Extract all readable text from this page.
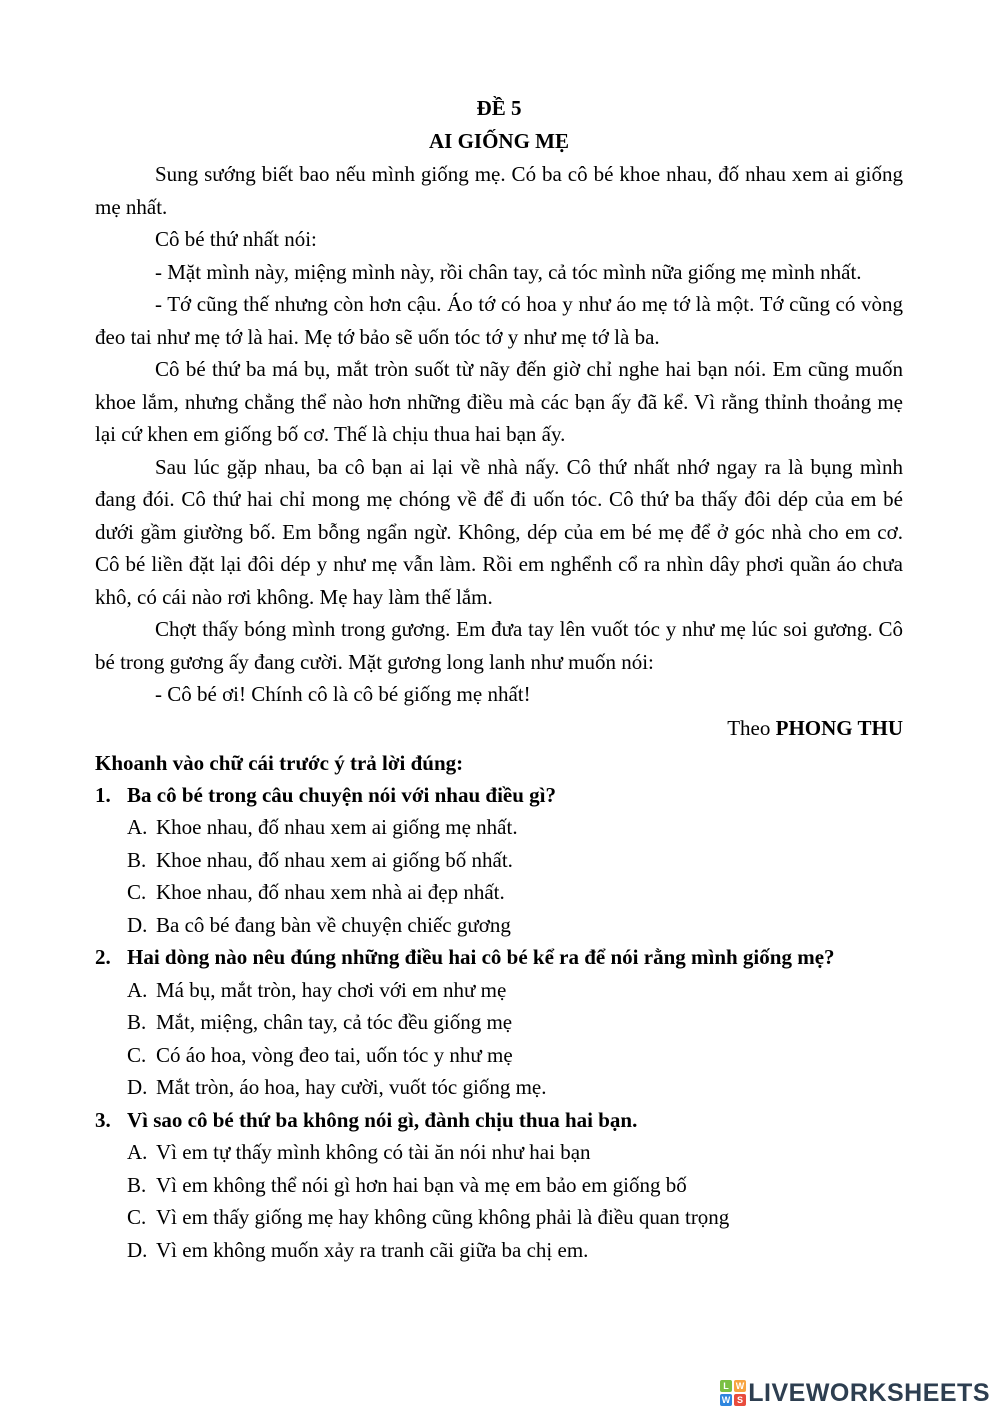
ĐỀ 5
AI GIỐNG MẸ

Sung sướng biết bao nếu mình giống mẹ. Có ba cô bé khoe nhau, đố nhau xem ai giống mẹ nhất.

Cô bé thứ nhất nói:

- Mặt mình này, miệng mình này, rồi chân tay, cả tóc mình nữa giống mẹ mình nhất.

- Tớ cũng thế nhưng còn hơn cậu. Áo tớ có hoa y như áo mẹ tớ là một. Tớ cũng có vòng đeo tai như mẹ tớ là hai. Mẹ tớ bảo sẽ uốn tóc tớ y như mẹ tớ là ba.

Cô bé thứ ba má bụ, mắt tròn suốt từ nãy đến giờ chỉ nghe hai bạn nói. Em cũng muốn khoe lắm, nhưng chẳng thể nào hơn những điều mà các bạn ấy đã kể. Vì rằng thỉnh thoảng mẹ lại cứ khen em giống bố cơ. Thế là chịu thua hai bạn ấy.

Sau lúc gặp nhau, ba cô bạn ai lại về nhà nấy. Cô thứ nhất nhớ ngay ra là bụng mình đang đói. Cô thứ hai chỉ mong mẹ chóng về để đi uốn tóc. Cô thứ ba thấy đôi dép của em bé dưới gầm giường bố. Em bỗng ngẩn ngừ. Không, dép của em bé mẹ để ở góc nhà cho em cơ. Cô bé liền đặt lại đôi dép y như mẹ vẫn làm. Rồi em nghểnh cổ ra nhìn dây phơi quần áo chưa khô, có cái nào rơi không. Mẹ hay làm thế lắm.

Chợt thấy bóng mình trong gương. Em đưa tay lên vuốt tóc y như mẹ lúc soi gương. Cô bé trong gương ấy đang cười. Mặt gương long lanh như muốn nói:

- Cô bé ơi! Chính cô là cô bé giống mẹ nhất!

Theo PHONG THU
Khoanh vào chữ cái trước ý trả lời đúng:
1. Ba cô bé trong câu chuyện nói với nhau điều gì?
A. Khoe nhau, đố nhau xem ai giống mẹ nhất.
B. Khoe nhau, đố nhau xem ai giống bố nhất.
C. Khoe nhau, đố nhau xem nhà ai đẹp nhất.
D. Ba cô bé đang bàn về chuyện chiếc gương
2. Hai dòng nào nêu đúng những điều hai cô bé kể ra để nói rằng mình giống mẹ?
A. Má bụ, mắt tròn, hay chơi với em như mẹ
B. Mắt, miệng, chân tay, cả tóc đều giống mẹ
C. Có áo hoa, vòng đeo tai, uốn tóc y như mẹ
D. Mắt tròn, áo hoa, hay cười, vuốt tóc giống mẹ.
3. Vì sao cô bé thứ ba không nói gì, đành chịu thua hai bạn.
A. Vì em tự thấy mình không có tài ăn nói như hai bạn
B. Vì em không thể nói gì hơn hai bạn và mẹ em bảo em giống bố
C. Vì em thấy giống mẹ hay không cũng không phải là điều quan trọng
D. Vì em không muốn xảy ra tranh cãi giữa ba chị em.
L W
W S LIVEWORKSHEETS
